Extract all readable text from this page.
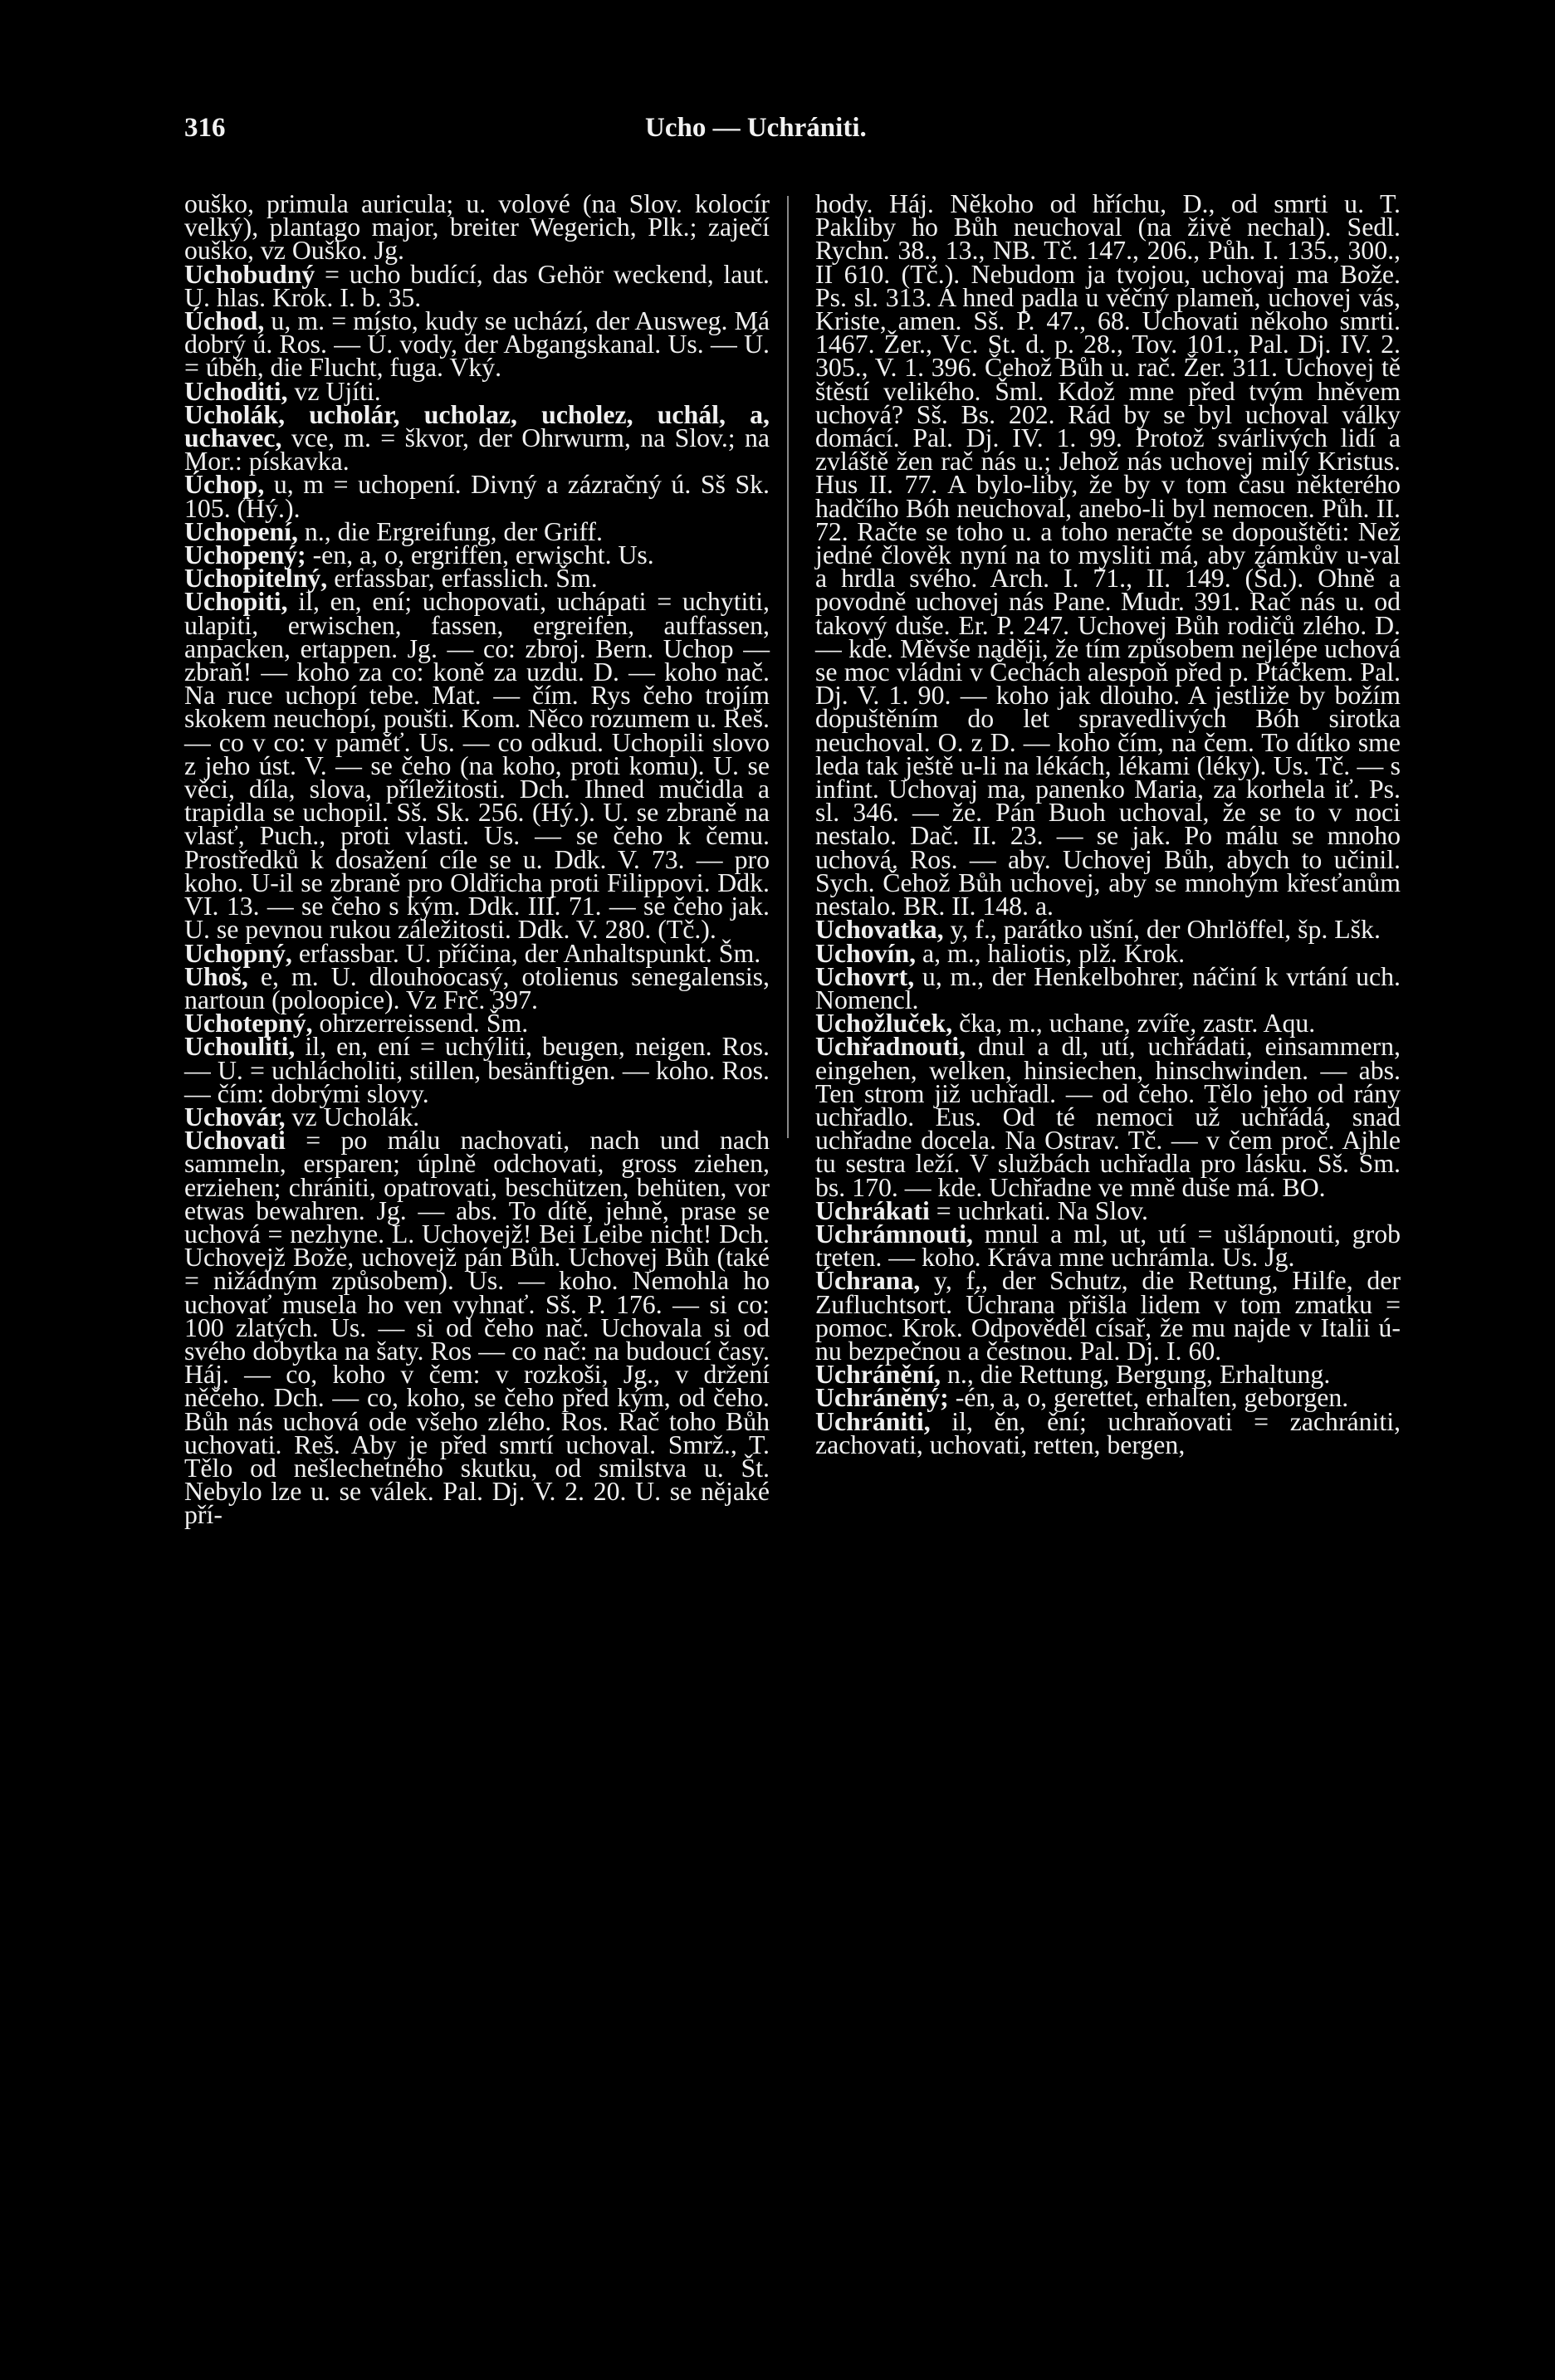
316	Ucho — Uchrániti.

ouško, primula auricula; u. volové (na Slov. kolocír velký), plantago major, breiter Wegerich, Plk.; zaječí ouško, vz Ouško. Jg.

Uchobudný = ucho budící, das Gehör weckend, laut. U. hlas. Krok. I. b. 35.

Úchod, u, m. = místo, kudy se uchází, der Ausweg. Má dobrý ú. Ros. — Ú. vody, der Abgangskanal. Us. — Ú. = úběh, die Flucht, fuga. Vký.

Uchoditi, vz Ujíti.

Ucholák, ucholár, ucholaz, ucholez, uchál, a, uchavec, vce, m. = škvor, der Ohrwurm, na Slov.; na Mor.: pískavka.

Úchop, u, m = uchopení. Divný a zázračný ú. Sš Sk. 105. (Hý.).

Uchopení, n., die Ergreifung, der Griff.

Uchopený; -en, a, o, ergriffen, erwischt. Us.

Uchopitelný, erfassbar, erfasslich. Šm.

Uchopiti, il, en, ení; uchopovati, uchápati = uchytiti, ulapiti, erwischen, fassen, ergreifen, auffassen, anpacken, ertappen. Jg. — co: zbroj. Bern. Uchop — zbraň! — koho za co: koně za uzdu. D. — koho nač. Na ruce uchopí tebe. Mat. — čím. Rys čeho trojím skokem neuchopí, poušti. Kom. Něco rozumem u. Reš. — co v co: v paměť. Us. — co odkud. Uchopili slovo z jeho úst. V. — se čeho (na koho, proti komu). U. se věci, díla, slova, příležitosti. Dch. Ihned mučidla a trapidla se uchopil. Sš. Sk. 256. (Hý.). U. se zbraně na vlasť, Puch., proti vlasti. Us. — se čeho k čemu. Prostředků k dosažení cíle se u. Ddk. V. 73. — pro koho. U-il se zbraně pro Oldřicha proti Filippovi. Ddk. VI. 13. — se čeho s kým. Ddk. III. 71. — se čeho jak. U. se pevnou rukou záležitosti. Ddk. V. 280. (Tč.).

Uchopný, erfassbar. U. příčina, der Anhaltspunkt. Šm.

Uhoš, e, m. U. dlouhoocasý, otolienus senegalensis, nartoun (poloopice). Vz Frč. 397.

Uchotepný, ohrzerreissend. Šm.

Uchouliti, il, en, ení = uchýliti, beugen, neigen. Ros. — U. = uchlácholiti, stillen, besänftigen. — koho. Ros. — čím: dobrými slovy.

Uchovár, vz Ucholák.

Uchovati = po málu nachovati, nach und nach sammeln, ersparen; úplně odchovati, gross ziehen, erziehen; chrániti, opatrovati, beschützen, behüten, vor etwas bewahren. Jg. — abs. To dítě, jehně, prase se uchová = nezhyne. L. Uchovejž! Bei Leibe nicht! Dch. Uchovejž Bože, uchovejž pán Bůh. Uchovej Bůh (také = nižádným způsobem). Us. — koho. Nemohla ho uchovať musela ho ven vyhnať. Sš. P. 176. — si co: 100 zlatých. Us. — si od čeho nač. Uchovala si od svého dobytka na šaty. Ros — co nač: na budoucí časy. Háj. — co, koho v čem: v rozkoši, Jg., v držení něčeho. Dch. — co, koho, se čeho před kým, od čeho. Bůh nás uchová ode všeho zlého. Ros. Rač toho Bůh uchovati. Reš. Aby je před smrtí uchoval. Smrž., T. Tělo od nešlechetného skutku, od smilstva u. Št. Nebylo lze u. se válek. Pal. Dj. V. 2. 20. U. se nějaké pří-

hody. Háj. Někoho od hříchu, D., od smrti u. T. Pakliby ho Bůh neuchoval (na živě nechal). Sedl. Rychn. 38., 13., NB. Tč. 147., 206., Půh. I. 135., 300., II 610. (Tč.). Nebudom ja tvojou, uchovaj ma Bože. Ps. sl. 313. A hned padla u věčný plameň, uchovej vás, Kriste, amen. Sš. P. 47., 68. Uchovati někoho smrti. 1467. Žer., Vc. St. d. p. 28., Tov. 101., Pal. Dj. IV. 2. 305., V. 1. 396. Čehož Bůh u. rač. Žer. 311. Uchovej tě štěstí velikého. Šml. Kdož mne před tvým hněvem uchová? Sš. Bs. 202. Rád by se byl uchoval války domácí. Pal. Dj. IV. 1. 99. Protož svárlivých lidí a zvláště žen rač nás u.; Jehož nás uchovej milý Kristus. Hus II. 77. A bylo-liby, že by v tom času některého hadčího Bóh neuchoval, anebo-li byl nemocen. Půh. II. 72. Račte se toho u. a toho neračte se dopouštěti: Než jedné člověk nyní na to mysliti má, aby zámkův u-val a hrdla svého. Arch. I. 71., II. 149. (Šd.). Ohně a povodně uchovej nás Pane. Mudr. 391. Rač nás u. od takový duše. Er. P. 247. Uchovej Bůh rodičů zlého. D. — kde. Měvše naději, že tím způsobem nejlépe uchová se moc vládni v Čechách alespoň před p. Ptáčkem. Pal. Dj. V. 1. 90. — koho jak dlouho. A jestliže by božím dopuštěním do let spravedlivých Bóh sirotka neuchoval. O. z D. — koho čím, na čem. To dítko sme leda tak ještě u-li na lékách, lékami (léky). Us. Tč. — s infint. Uchovaj ma, panenko Maria, za korhela iť. Ps. sl. 346. — že. Pán Buoh uchoval, že se to v noci nestalo. Dač. II. 23. — se jak. Po málu se mnoho uchová. Ros. — aby. Uchovej Bůh, abych to učinil. Sych. Čehož Bůh uchovej, aby se mnohým křesťanům nestalo. BR. II. 148. a.

Uchovatka, y, f., parátko ušní, der Ohrlöffel, šp. Lšk.

Uchovín, a, m., haliotis, plž. Krok.

Uchovrt, u, m., der Henkelbohrer, náčiní k vrtání uch. Nomencl.

Uchožluček, čka, m., uchane, zvíře, zastr. Aqu.

Uchřadnouti, dnul a dl, utí, uchřádati, einsammern, eingehen, welken, hinsiechen, hinschwinden. — abs. Ten strom již uchřadl. — od čeho. Tělo jeho od rány uchřadlo. Eus. Od té nemoci už uchřádá, snad uchřadne docela. Na Ostrav. Tč. — v čem proč. Ajhle tu sestra leží. V službách uchřadla pro lásku. Sš. Sm. bs. 170. — kde. Uchřadne ve mně duše má. BO.

Uchrákati = uchrkati. Na Slov.

Uchrámnouti, mnul a ml, ut, utí = ušlápnouti, grob treten. — koho. Kráva mne uchrámla. Us. Jg.

Úchrana, y, f., der Schutz, die Rettung, Hilfe, der Zufluchtsort. Úchrana přišla lidem v tom zmatku = pomoc. Krok. Odpověděl císař, že mu najde v Italii ú-nu bezpečnou a čestnou. Pal. Dj. I. 60.

Uchránění, n., die Rettung, Bergung, Erhaltung.

Uchráněný; -én, a, o, gerettet, erhalten, geborgen.

Uchrániti, il, ěn, ění; uchraňovati = zachrániti, zachovati, uchovati, retten, bergen,
